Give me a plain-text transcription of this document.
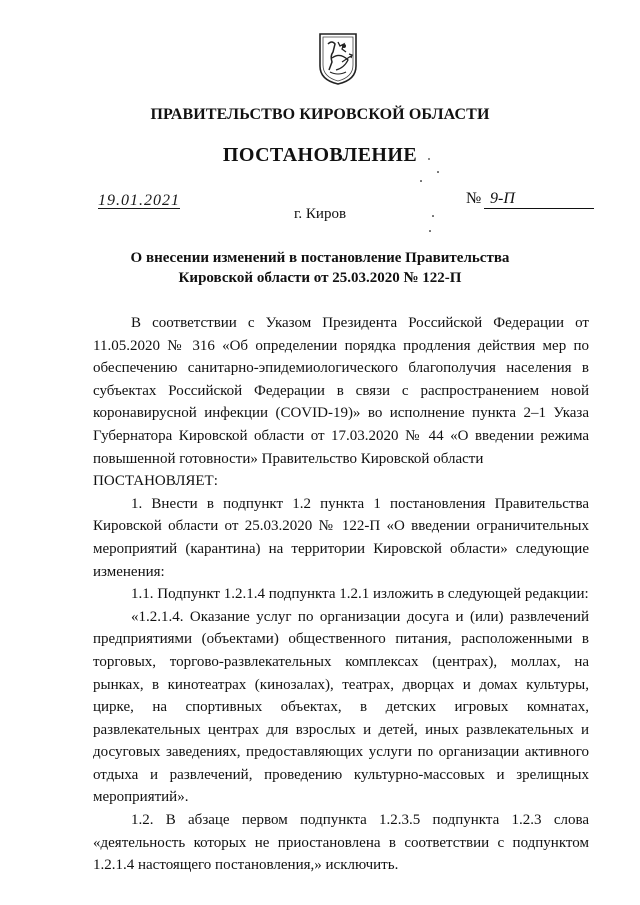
ПРАВИТЕЛЬСТВО КИРОВСКОЙ ОБЛАСТИ
ПОСТАНОВЛЕНИЕ
19.01.2021	№ 9-П
г. Киров
О внесении изменений в постановление Правительства
Кировской области от 25.03.2020 № 122-П

В соответствии с Указом Президента Российской Федерации от 11.05.2020 № 316 «Об определении порядка продления действия мер по обеспечению санитарно-эпидемиологического благополучия населения в субъектах Российской Федерации в связи с распространением новой коронавирусной инфекции (COVID-19)» во исполнение пункта 2–1 Указа Губернатора Кировской области от 17.03.2020 № 44 «О введении режима повышенной готовности» Правительство Кировской области

ПОСТАНОВЛЯЕТ:

1. Внести в подпункт 1.2 пункта 1 постановления Правительства Кировской области от 25.03.2020 № 122-П «О введении ограничительных мероприятий (карантина) на территории Кировской области» следующие изменения:

1.1. Подпункт 1.2.1.4 подпункта 1.2.1 изложить в следующей редакции:

«1.2.1.4. Оказание услуг по организации досуга и (или) развлечений предприятиями (объектами) общественного питания, расположенными в торговых, торгово-развлекательных комплексах (центрах), моллах, на рынках, в кинотеатрах (кинозалах), театрах, дворцах и домах культуры, цирке, на спортивных объектах, в детских игровых комнатах, развлекательных центрах для взрослых и детей, иных развлекательных и досуговых заведениях, предоставляющих услуги по организации активного отдыха и развлечений, проведению культурно-массовых и зрелищных мероприятий».

1.2. В абзаце первом подпункта 1.2.3.5 подпункта 1.2.3 слова «деятельность которых не приостановлена в соответствии с подпунктом 1.2.1.4 настоящего постановления,» исключить.
